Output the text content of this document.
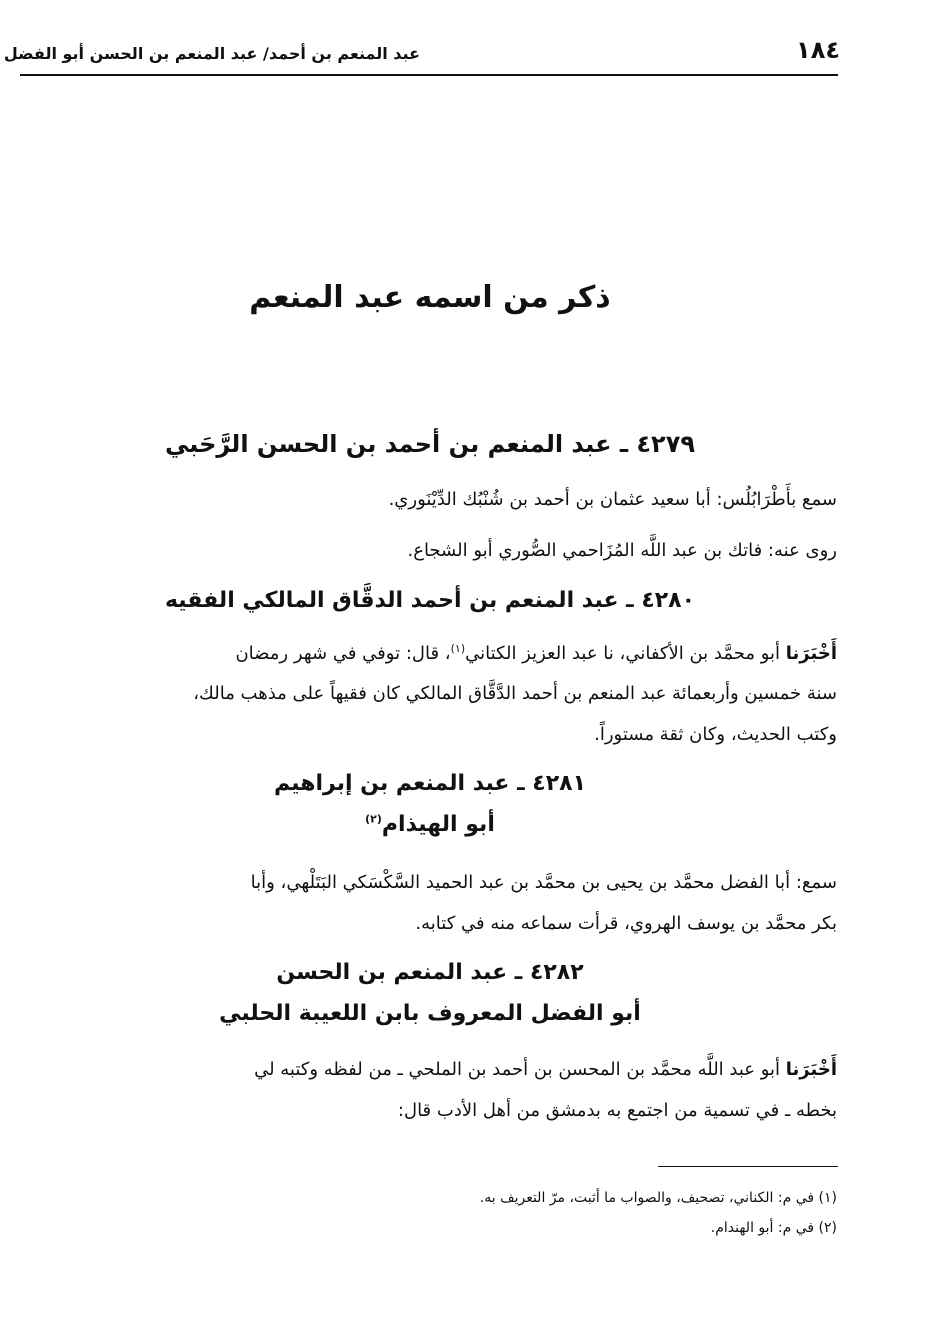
١٨٤
عبد المنعم بن أحمد/ عبد المنعم بن الحسن أبو الفضل
ذكر من اسمه عبد المنعم
٤٢٧٩ ـ عبد المنعم بن أحمد بن الحسن الرَّحَبي
سمع بأَطْرَابُلُس: أبا سعيد عثمان بن أحمد بن شُنْبُك الدِّيْنَوري.
روى عنه: فاتك بن عبد اللَّه المُزَاحمي الصُّوري أبو الشجاع.
٤٢٨٠ ـ عبد المنعم بن أحمد الدقَّاق المالكي الفقيه
أَخْبَرَنا أبو محمَّد بن الأكفاني، نا عبد العزيز الكتاني$^{(١)}$، قال: توفي في شهر رمضان
سنة خمسين وأربعمائة عبد المنعم بن أحمد الدَّقَّاق المالكي كان فقيهاً على مذهب مالك،
وكتب الحديث، وكان ثقة مستوراً.
٤٢٨١ ـ عبد المنعم بن إبراهيم
أبو الهيذام$^{(٢)}$
سمع: أبا الفضل محمَّد بن يحيى بن محمَّد بن عبد الحميد السَّكْسَكي البَتَلْهي، وأبا
بكر محمَّد بن يوسف الهروي، قرأت سماعه منه في كتابه.
٤٢٨٢ ـ عبد المنعم بن الحسن
أبو الفضل المعروف بابن اللعيبة الحلبي
أَخْبَرَنا أبو عبد اللَّه محمَّد بن المحسن بن أحمد بن الملحي ـ من لفظه وكتبه لي
بخطه ـ في تسمية من اجتمع به بدمشق من أهل الأدب قال:
(١) في م: الكناني، تصحيف، والصواب ما أثبت، مرّ التعريف به.
(٢) في م: أبو الهندام.
